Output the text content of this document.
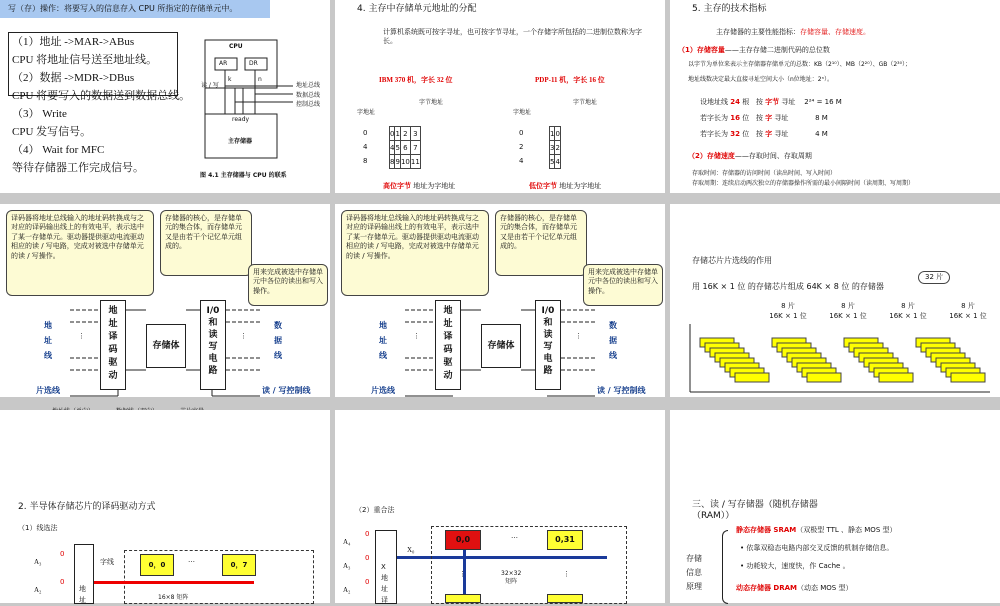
写（存）操作：将要写入的信息存入 CPU 所指定的存储单元中。
（1）地址 ->MAR->ABus
CPU 将地址信号送至地址线。
（2）数据 ->MDR->DBus
CPU 将要写入的数据送到数据总线。
（3） Write
CPU 发写信号。
（4） Wait for MFC
等待存储器工作完成信号。
CPU
AR	DR
k	n
读 / 写	地址总线
数据总线
控制总线
ready
主存储器
图 4.1 主存储器与 CPU 的联系
4. 主存中存储单元地址的分配
计算机系统既可按字寻址，也可按字节寻址，一个存储字所包括的二进制位数称为字长。
IBM 370 机，字长 32 位	PDP-11 机，字长 16 位
字地址
字节地址
字地址
字节地址
0
4
8
0	1	2	3
4	5	6	7
8	9	10	11
0
2
4
1	0
3	2
5	4
高位字节 地址为字地址	低位字节 地址为字地址
5. 主存的技术指标
主存储器的主要性能指标：存储容量、存储速度。
（1）存储容量——主存存储二进制代码的总位数
以字节为单位来表示主存储器存储单元的总数：KB（2¹⁰）、MB（2²⁰）、GB（2³⁰）；
地址线数决定最大直接寻址空间大小（n位地址：2ⁿ）。
设地址线 24 根 按 字节 寻址 2²⁴ = 16 M
若字长为 16 位 按 字 寻址	8 M
若字长为 32 位 按 字 寻址	4 M
（2）存储速度——存取时间、存取周期
存取时间：存储器的访问时间（读出时间、写入时间）
存取周期：连续启动两次独立的存储器操作所需的最小间隔时间（读周期、写周期）
译码器将地址总线输入的地址码转换成与之对应的译码输出线上的有效电平，表示选中了某一存储单元。驱动器提供驱动电流驱动相应的读 / 写电路，完成对被选中存储单元的读 / 写操作。
存储器的核心，是存储单元的集合体，而存储单元又是由若干个记忆单元组成的。
用来完成被选中存储单元中各位的读出和写入操作。
地
址
译
码
驱
动
存储体
I/0
和
读
写
电
路
地
址
线
数
据
线
⋮	⋮
片选线	读 / 写控制线
译码器将地址总线输入的地址码转换成与之对应的译码输出线上的有效电平，表示选中了某一存储单元。驱动器提供驱动电流驱动相应的读 / 写电路，完成对被选中存储单元的读 / 写操作。
存储器的核心，是存储单元的集合体，而存储单元又是由若干个记忆单元组成的。
用来完成被选中存储单元中各位的读出和写入操作。
地
址
译
码
驱
动
存储体
I/0
和
读
写
电
路
地
址
线
数
据
线
⋮	⋮
片选线	读 / 写控制线
存储芯片片选线的作用
用 16K × 1 位 的存储芯片组成 64K × 8 位 的存储器
32 片
8 片
16K × 1 位
8 片
16K × 1 位
8 片
16K × 1 位
8 片
16K × 1 位
2. 半导体存储芯片的译码驱动方式
（1）线选法
A₃
A₂
0
0
地
址
字线	0，0
…
0，7
16×8 矩阵
（2）重合法
A₄
A₃
A₂
0
0
0
X
地
址
译
X₀
0,0	…	0,31
⋮	⋮
32×32
矩阵
三、读 / 写存储器（随机存储器（RAM））
存储
信息
原理
静态存储器 SRAM（双极型 TTL 、静态 MOS 型）
• 依靠双稳态电路内部交叉反馈的机制存储信息。
• 功耗较大，速度快，作 Cache 。
动态存储器 DRAM（动态 MOS 型）
